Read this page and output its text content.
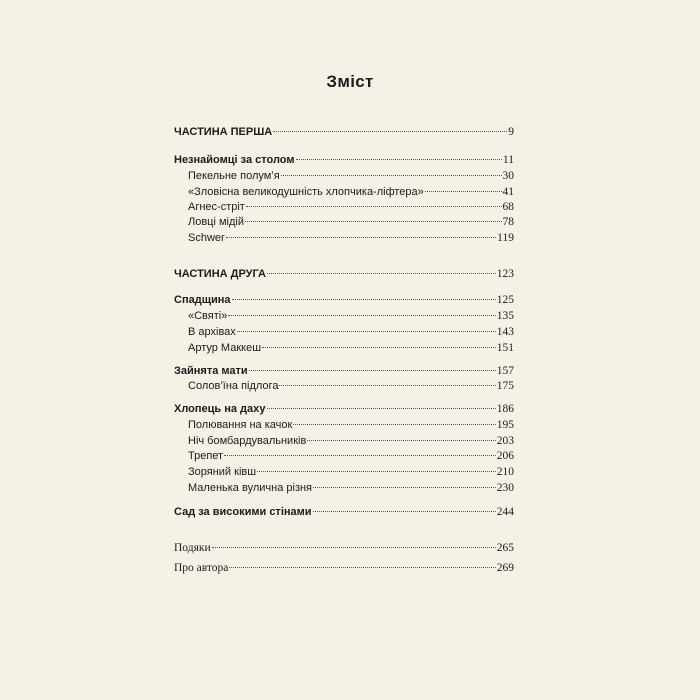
Зміст
ЧАСТИНА ПЕРША	9
Незнайомці за столом	11
Пекельне полум’я	30
«Зловісна великодушність хлопчика-ліфтера»	41
Агнес-стріт	68
Ловці мідій	78
Schwer	119
ЧАСТИНА ДРУГА	123
Спадщина	125
«Святі»	135
В архівах	143
Артур Маккеш	151
Зайнята мати	157
Солов’їна підлога	175
Хлопець на даху	186
Полювання на качок	195
Ніч бомбардувальників	203
Трепет	206
Зоряний ківш	210
Маленька вулична різня	230
Сад за високими стінами	244
Подяки	265
Про автора	269
